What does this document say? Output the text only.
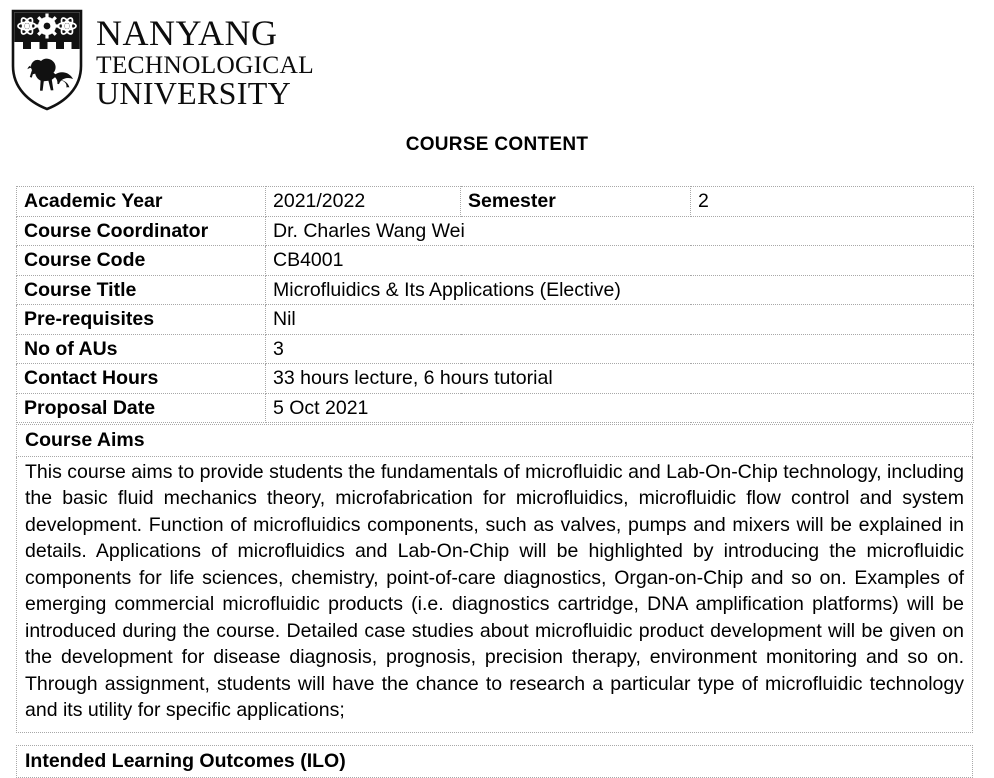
NANYANG
TECHNOLOGICAL
UNIVERSITY
COURSE CONTENT
Academic Year	2021/2022	Semester	2
Course Coordinator	Dr. Charles Wang Wei		
Course Code	CB4001		
Course Title	Microfluidics & Its Applications (Elective)		
Pre-requisites	Nil		
No of AUs	3		
Contact Hours	33 hours lecture, 6 hours tutorial		
Proposal Date	5 Oct 2021		
Course Aims
This course aims to provide students the fundamentals of microfluidic and Lab-On-Chip technology, including the basic fluid mechanics theory, microfabrication for microfluidics, microfluidic flow control and system development. Function of microfluidics components, such as valves, pumps and mixers will be explained in details. Applications of microfluidics and Lab-On-Chip will be highlighted by introducing the microfluidic components for life sciences, chemistry, point-of-care diagnostics, Organ-on-Chip and so on. Examples of emerging commercial microfluidic products (i.e. diagnostics cartridge, DNA amplification platforms) will be introduced during the course. Detailed case studies about microfluidic product development will be given on the development for disease diagnosis, prognosis, precision therapy, environment monitoring and so on. Through assignment, students will have the chance to research a particular type of microfluidic technology and its utility for specific applications;
Intended Learning Outcomes (ILO)
